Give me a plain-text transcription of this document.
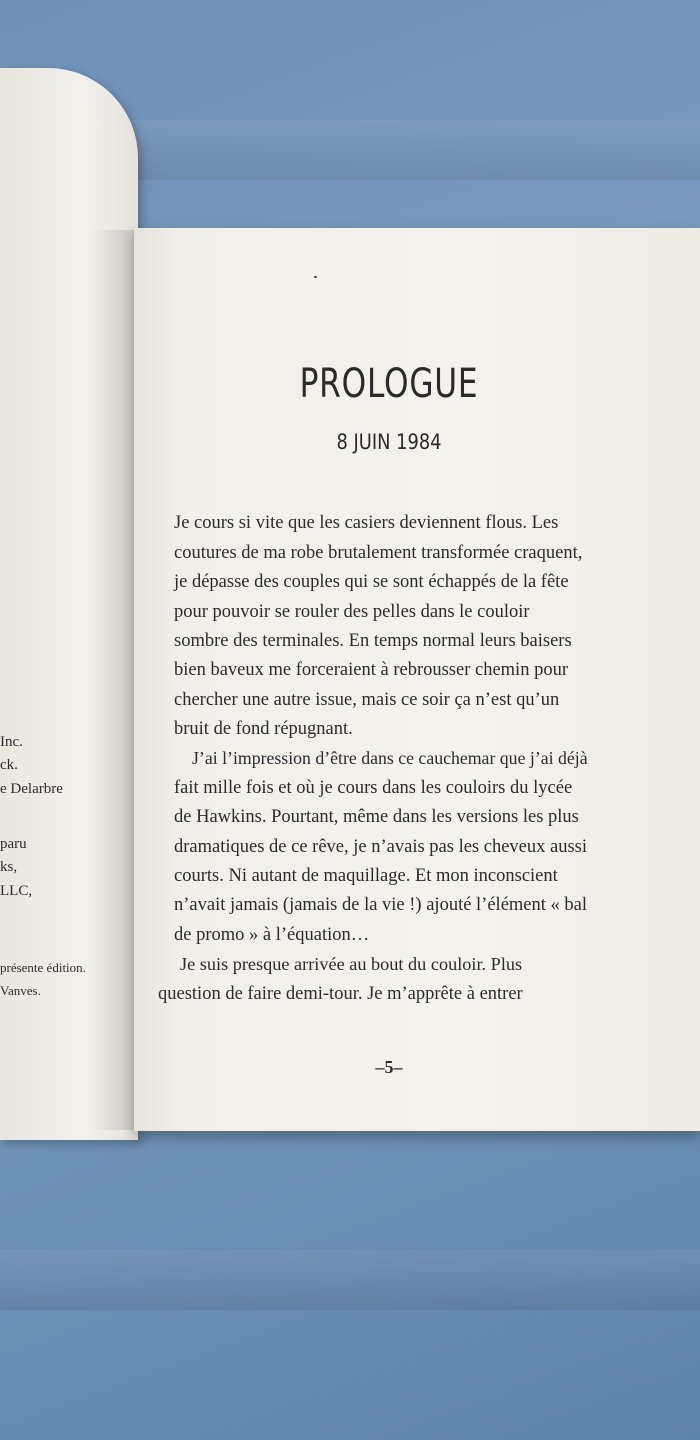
Inc.
ck.
e Delarbre
paru
ks,
LLC,
présente édition.
Vanves.
PROLOGUE
8 JUIN 1984
Je cours si vite que les casiers deviennent flous. Les
coutures de ma robe brutalement transformée craquent,
je dépasse des couples qui se sont échappés de la fête
pour pouvoir se rouler des pelles dans le couloir
sombre des terminales. En temps normal leurs baisers
bien baveux me forceraient à rebrousser chemin pour
chercher une autre issue, mais ce soir ça n’est qu’un
bruit de fond répugnant.
J’ai l’impression d’être dans ce cauchemar que j’ai déjà
fait mille fois et où je cours dans les couloirs du lycée
de Hawkins. Pourtant, même dans les versions les plus
dramatiques de ce rêve, je n’avais pas les cheveux aussi
courts. Ni autant de maquillage. Et mon inconscient
n’avait jamais (jamais de la vie !) ajouté l’élément « bal
de promo » à l’équation…
Je suis presque arrivée au bout du couloir. Plus
question de faire demi-tour. Je m’apprête à entrer
–5–
